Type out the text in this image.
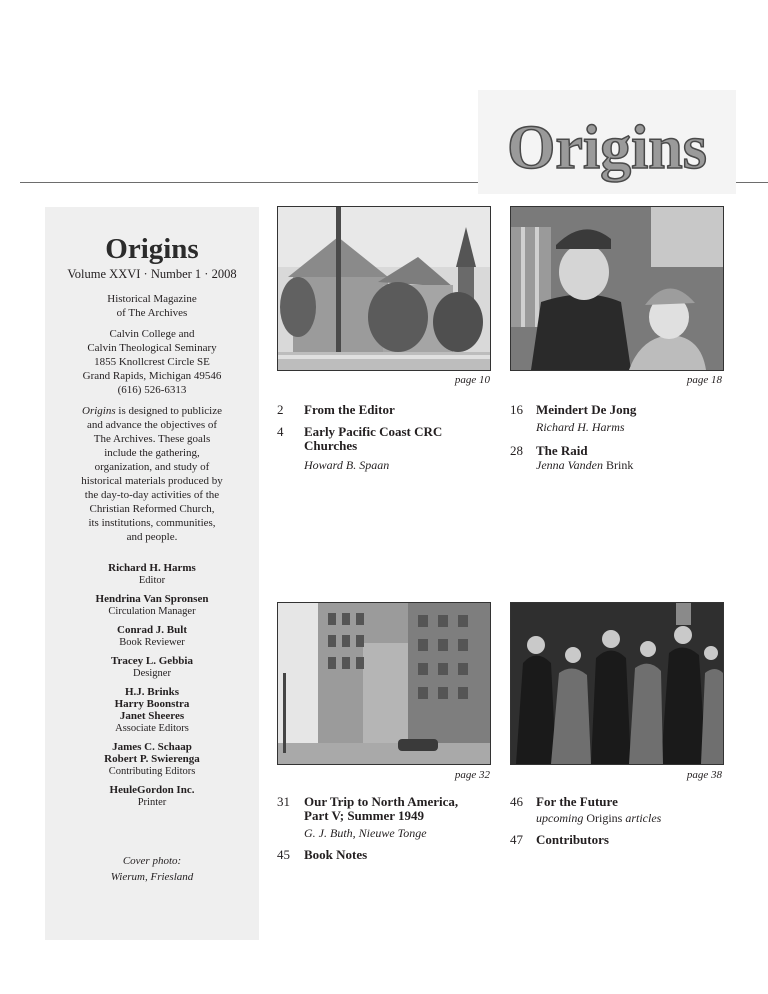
Origins
Origins
Volume XXVI · Number 1 · 2008
Historical Magazine
of The Archives
Calvin College and
Calvin Theological Seminary
1855 Knollcrest Circle SE
Grand Rapids, Michigan 49546
(616) 526-6313
Origins is designed to publicize
and advance the objectives of
The Archives. These goals
include the gathering,
organization, and study of
historical materials produced by
the day-to-day activities of the
Christian Reformed Church,
its institutions, communities,
and people.
Richard H. Harms
Editor
Hendrina Van Spronsen
Circulation Manager
Conrad J. Bult
Book Reviewer
Tracey L. Gebbia
Designer
H.J. Brinks
Harry Boonstra
Janet Sheeres
Associate Editors
James C. Schaap
Robert P. Swierenga
Contributing Editors
HeuleGordon Inc.
Printer
Cover photo:
Wierum, Friesland
page 10	page 18
page 32	page 38
2 From the Editor
4 Early Pacific Coast CRC
Churches
Howard B. Spaan
16 Meindert De Jong
Richard H. Harms
28 The Raid
Jenna Vanden Brink
31 Our Trip to North America,
Part V; Summer 1949
G. J. Buth, Nieuwe Tonge
45 Book Notes
46 For the Future
upcoming Origins articles
47 Contributors
